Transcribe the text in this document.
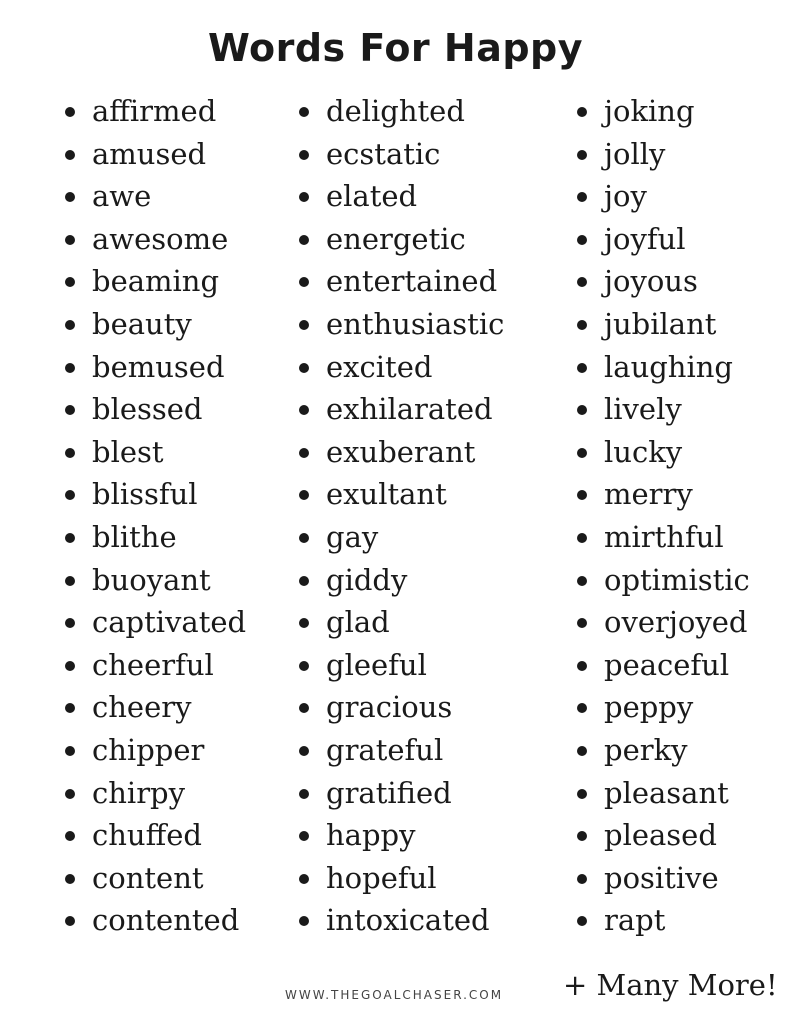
Words For Happy
affirmed
amused
awe
awesome
beaming
beauty
bemused
blessed
blest
blissful
blithe
buoyant
captivated
cheerful
cheery
chipper
chirpy
chuffed
content
contented
delighted
ecstatic
elated
energetic
entertained
enthusiastic
excited
exhilarated
exuberant
exultant
gay
giddy
glad
gleeful
gracious
grateful
gratified
happy
hopeful
intoxicated
joking
jolly
joy
joyful
joyous
jubilant
laughing
lively
lucky
merry
mirthful
optimistic
overjoyed
peaceful
peppy
perky
pleasant
pleased
positive
rapt
WWW.THEGOALCHASER.COM + Many More!
